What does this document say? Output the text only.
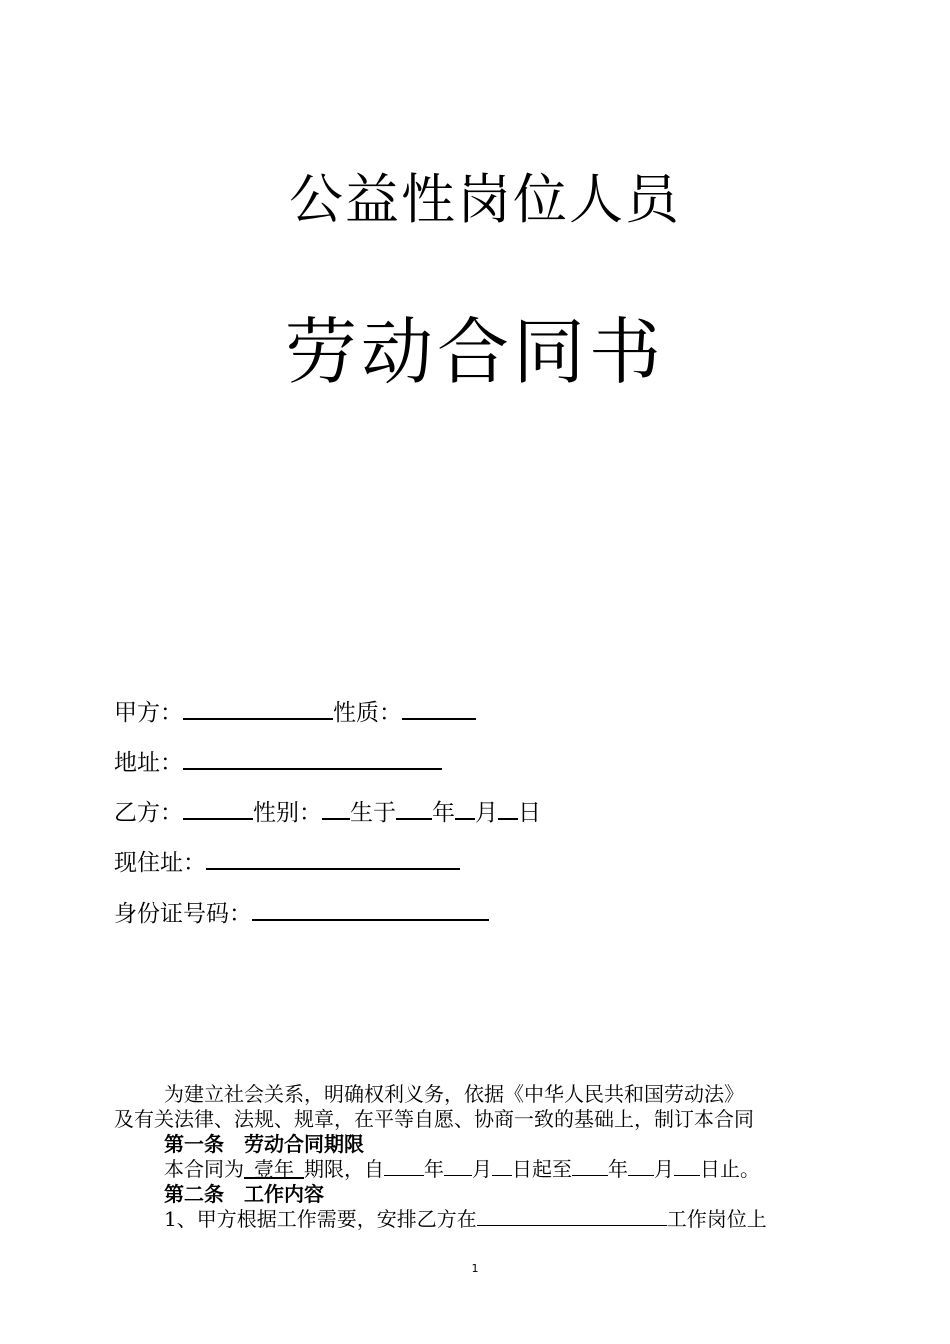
公益性岗位人员
劳动合同书
甲方：	性质：
地址：
乙方：	性别： 生于 年 月 日
现住址：
身份证号码：
为建立社会关系，明确权利义务，依据《中华人民共和国劳动法》
及有关法律、法规、规章，在平等自愿、协商一致的基础上，制订本合同
第一条　劳动合同期限
本合同为  壹年  期限，自 年 月 日起至 年 月 日止。
第二条　工作内容
1、甲方根据工作需要，安排乙方在	工作岗位上
1
